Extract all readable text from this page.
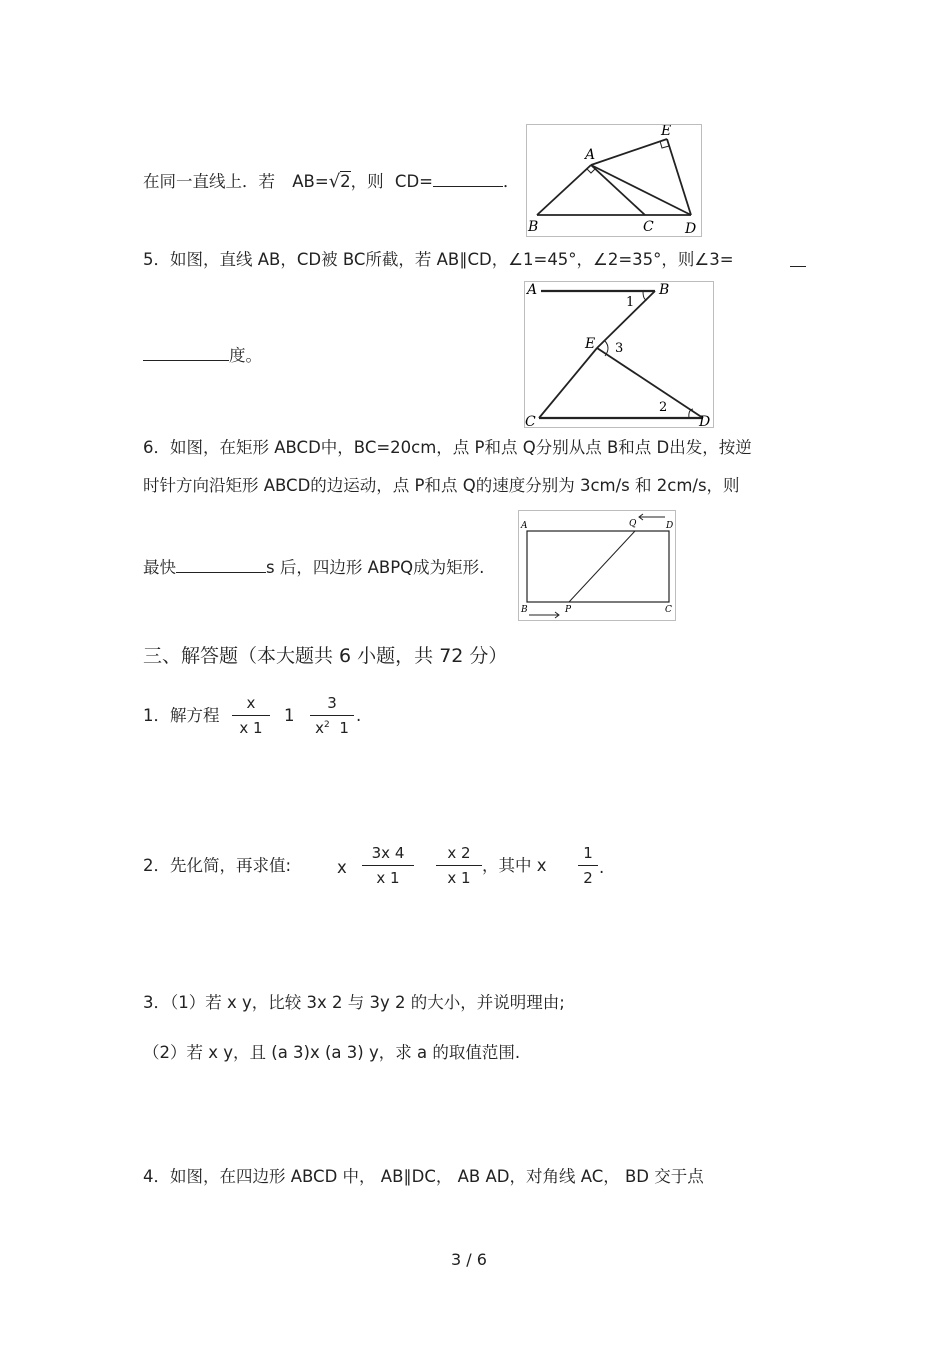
在同一直线上．若 AB=√2，则 CD=	．
A
B	C D
E
5．如图，直线 AB，CD被 BC所截，若 AB∥CD，∠1=45°，∠2=35°，则∠3=
度。
A	B
C	D
E
1
2
3
6．如图，在矩形 ABCD中，BC=20cm，点 P和点 Q分别从点 B和点 D出发，按逆
时针方向沿矩形 ABCD的边运动，点 P和点 Q的速度分别为 3cm/s 和 2cm/s，则
最快	s 后，四边形 ABPQ成为矩形.
A
B	C
D
P
Q
三、解答题（本大题共 6 小题，共 72 分）
1．解方程
x
x 1
1
3
$x^2$ 1
.
2．先化简，再求值:	x
3x 4
x 1
x 2
x 1
，其中 x
1
2
.
3．（1）若 x y，比较 3x 2 与 3y 2 的大小，并说明理由;
（2）若 x y，且 (a 3)x (a 3) y，求 a 的取值范围.
4．如图，在四边形 ABCD 中， AB∥DC， AB AD，对角线 AC， BD 交于点
3 / 6
